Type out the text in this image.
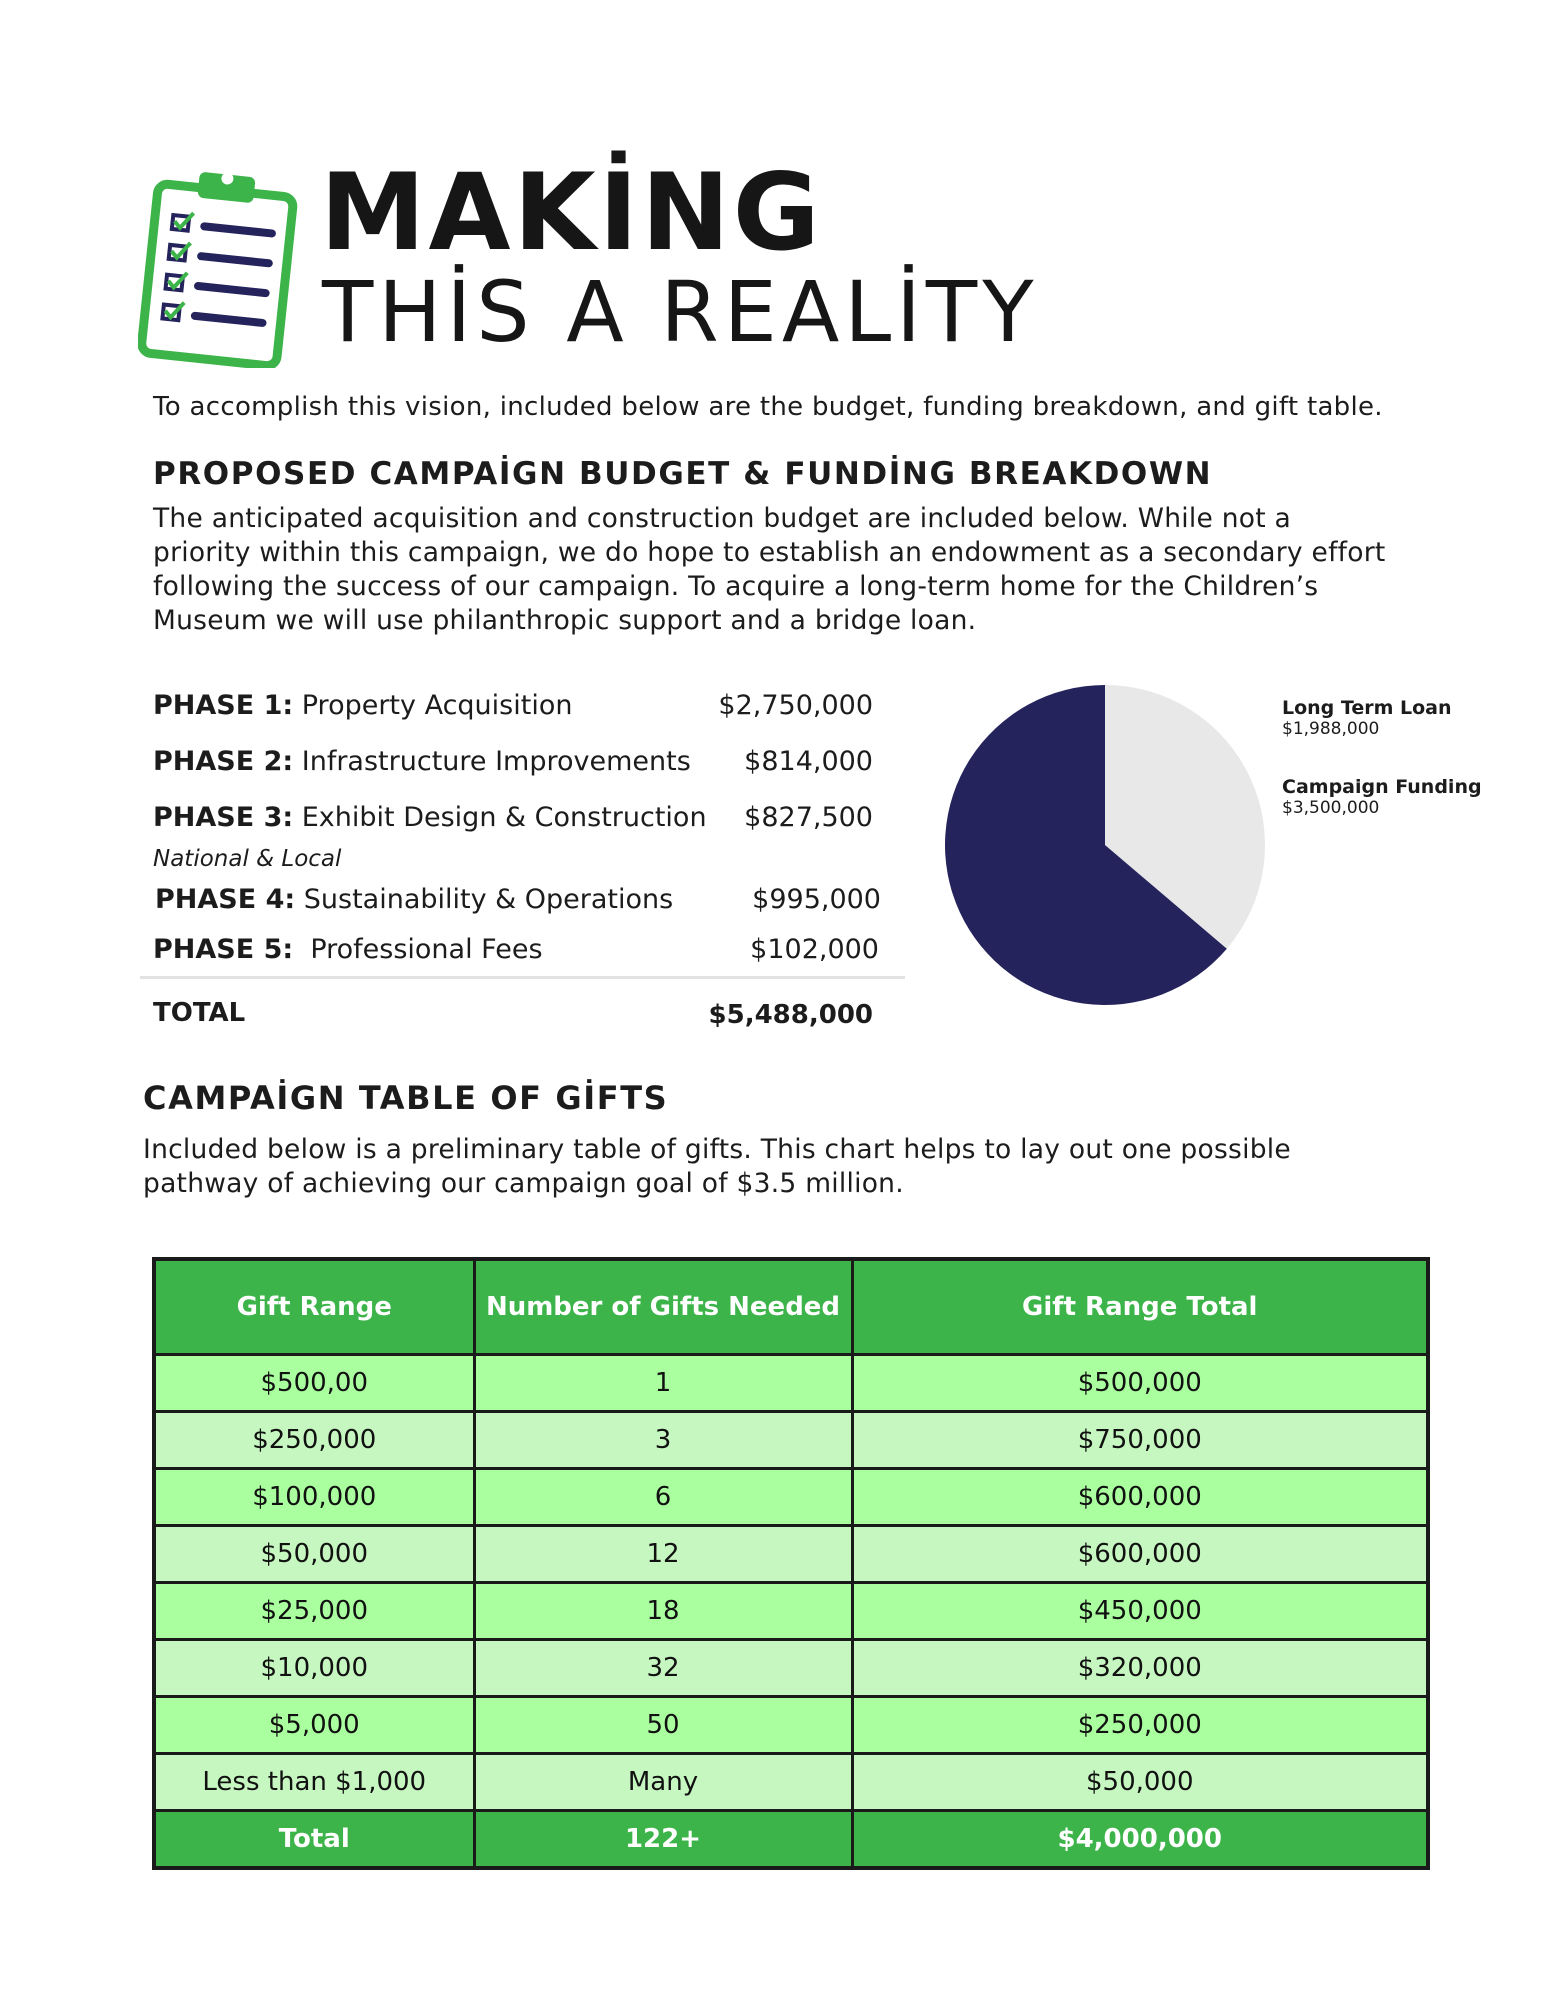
MAKİNG
THİS A REALİTY
To accomplish this vision, included below are the budget, funding breakdown, and gift table.
PROPOSED CAMPAİGN BUDGET & FUNDİNG BREAKDOWN
The anticipated acquisition and construction budget are included below. While not a
priority within this campaign, we do hope to establish an endowment as a secondary effort
following the success of our campaign. To acquire a long-term home for the Children’s
Museum we will use philanthropic support and a bridge loan.
PHASE 1: Property Acquisition	$2,750,000
PHASE 2: Infrastructure Improvements $814,000
PHASE 3: Exhibit Design & Construction $827,500
National & Local
PHASE 4: Sustainability & Operations	$995,000
PHASE 5:  Professional Fees	$102,000
TOTAL	$5,488,000
Long Term Loan
$1,988,000
Campaign Funding
$3,500,000
CAMPAİGN TABLE OF GİFTS
Included below is a preliminary table of gifts. This chart helps to lay out one possible
pathway of achieving our campaign goal of $3.5 million.
Gift Range	Number of Gifts Needed	Gift Range Total
$500,00	1	$500,000
$250,000	3	$750,000
$100,000	6	$600,000
$50,000	12	$600,000
$25,000	18	$450,000
$10,000	32	$320,000
$5,000	50	$250,000
Less than $1,000	Many	$50,000
Total	122+	$4,000,000
